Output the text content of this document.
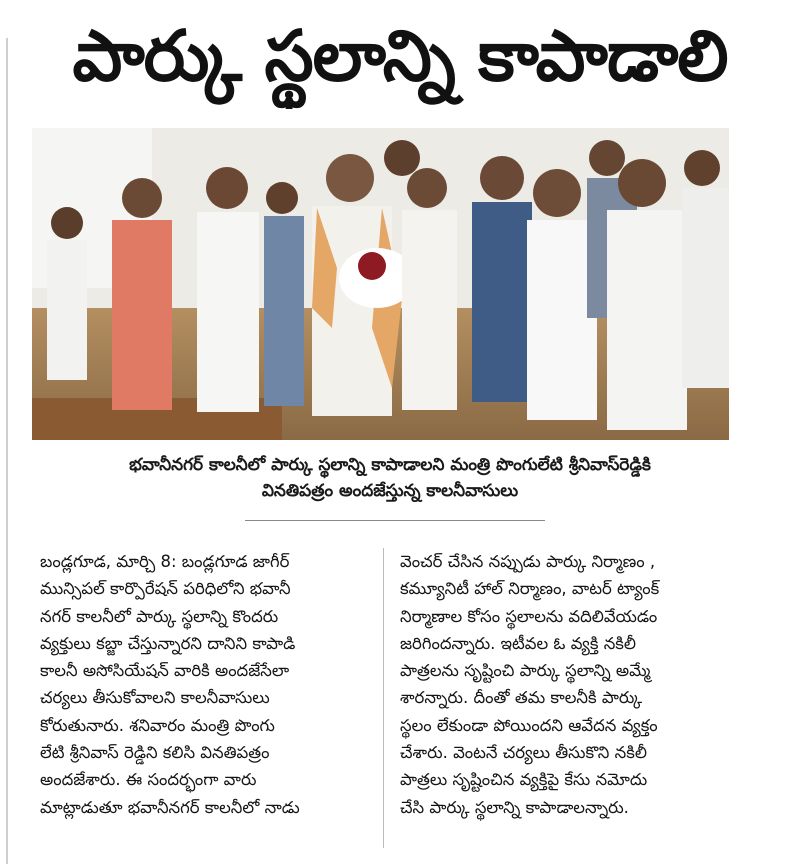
పార్కు స్థలాన్ని కాపాడాలి
భవానీనగర్ కాలనీలో పార్కు స్థలాన్ని కాపాడాలని మంత్రి పొంగులేటి శ్రీనివాస్‌రెడ్డికి
వినతిపత్రం అందజేస్తున్న కాలనీవాసులు

బండ్లగూడ, మార్చి 8: బండ్లగూడ జాగీర్

మున్సిపల్ కార్పొరేషన్ పరిధిలోని భవానీ

నగర్ కాలనీలో పార్కు స్థలాన్ని కొందరు

వ్యక్తులు కబ్జా చేస్తున్నారని దానిని కాపాడి

కాలనీ అసోసియేషన్ వారికి అందజేసేలా

చర్యలు తీసుకోవాలని కాలనీవాసులు

కోరుతునారు. శనివారం మంత్రి పొంగు

లేటి శ్రీనివాస్ రెడ్డిని కలిసి వినతిపత్రం

అందజేశారు. ఈ సందర్భంగా వారు

మాట్లాడుతూ భవానీనగర్ కాలనీలో నాడు

వెంచర్ చేసిన నప్పుడు పార్కు నిర్మాణం ,

కమ్యూనిటీ హాల్ నిర్మాణం, వాటర్ ట్యాంక్

నిర్మాణాల కోసం స్థలాలను వదిలివేయడం

జరిగిందన్నారు. ఇటీవల ఓ వ్యక్తి నకిలీ

పాత్రలను సృష్టించి పార్కు స్థలాన్ని అమ్మే

శారన్నారు. దీంతో తమ కాలనీకి పార్కు

స్థలం లేకుండా పోయిందని ఆవేదన వ్యక్తం

చేశారు. వెంటనే చర్యలు తీసుకొని నకిలీ

పాత్రలు సృష్టించిన వ్యక్తిపై కేసు నమోదు

చేసి పార్కు స్థలాన్ని కాపాడాలన్నారు.
